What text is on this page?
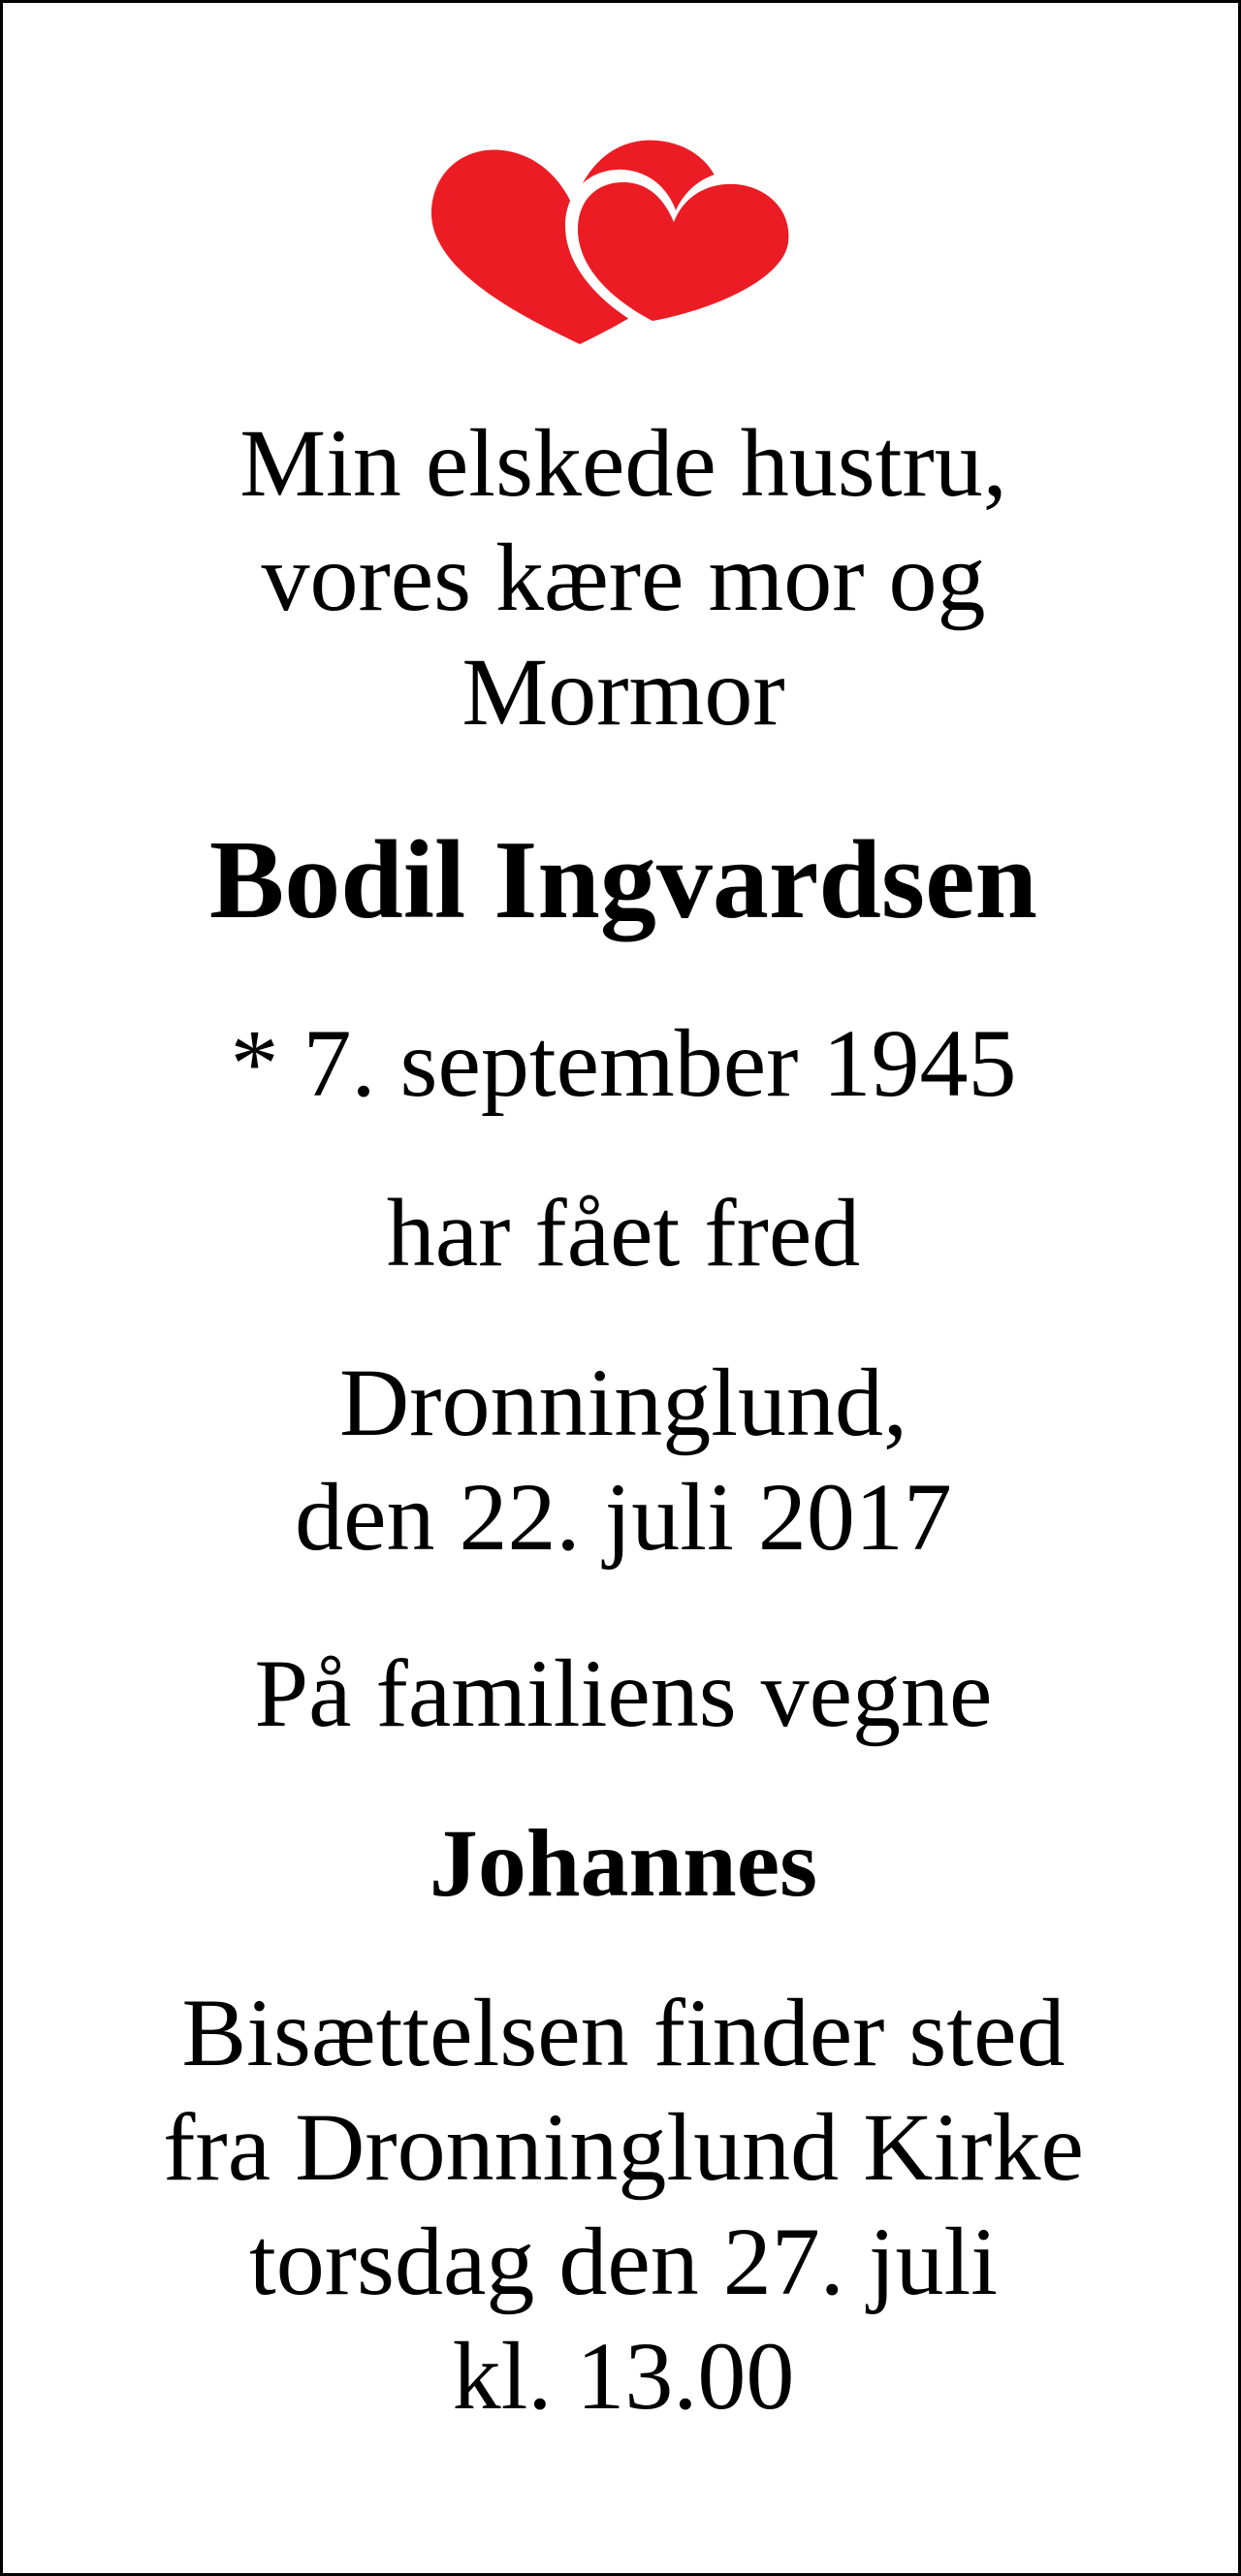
Min elskede hustru,
vores kære mor og
Mormor

Bodil Ingvardsen

* 7. september 1945

har fået fred

Dronninglund,
den 22. juli 2017

På familiens vegne

Johannes

Bisættelsen finder sted
fra Dronninglund Kirke
torsdag den 27. juli
kl. 13.00
